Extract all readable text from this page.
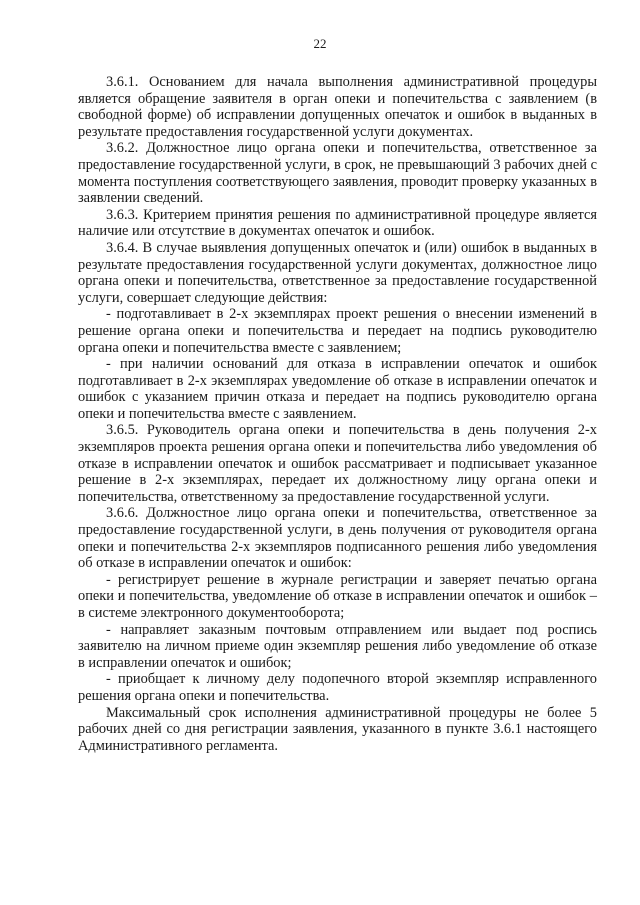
22

3.6.1. Основанием для начала выполнения административной процедуры является обращение заявителя в орган опеки и попечительства с заявлением (в свободной форме) об исправлении допущенных опечаток и ошибок в выданных в результате предоставления государственной услуги документах.

3.6.2. Должностное лицо органа опеки и попечительства, ответственное за предоставление государственной услуги, в срок, не превышающий 3 рабочих дней с момента поступления соответствующего заявления, проводит проверку указанных в заявлении сведений.

3.6.3. Критерием принятия решения по административной процедуре является наличие или отсутствие в документах опечаток и ошибок.

3.6.4. В случае выявления допущенных опечаток и (или) ошибок в выданных в результате предоставления государственной услуги документах, должностное лицо органа опеки и попечительства, ответственное за предоставление государственной услуги, совершает следующие действия:

- подготавливает в 2-х экземплярах проект решения о внесении изменений в решение органа опеки и попечительства и передает на подпись руководителю органа опеки и попечительства вместе с заявлением;

- при наличии оснований для отказа в исправлении опечаток и ошибок подготавливает в 2-х экземплярах уведомление об отказе в исправлении опечаток и ошибок с указанием причин отказа и передает на подпись руководителю органа опеки и попечительства вместе с заявлением.

3.6.5. Руководитель органа опеки и попечительства в день получения 2-х экземпляров проекта решения органа опеки и попечительства либо уведомления об отказе в исправлении опечаток и ошибок рассматривает и подписывает указанное решение в 2-х экземплярах, передает их должностному лицу органа опеки и попечительства, ответственному за предоставление государственной услуги.

3.6.6. Должностное лицо органа опеки и попечительства, ответственное за предоставление государственной услуги, в день получения от руководителя органа опеки и попечительства 2-х экземпляров подписанного решения либо уведомления об отказе в исправлении опечаток и ошибок:

- регистрирует решение в журнале регистрации и заверяет печатью органа опеки и попечительства, уведомление об отказе в исправлении опечаток и ошибок – в системе электронного документооборота;

- направляет заказным почтовым отправлением или выдает под роспись заявителю на личном приеме один экземпляр решения либо уведомление об отказе в исправлении опечаток и ошибок;

- приобщает к личному делу подопечного второй экземпляр исправленного решения органа опеки и попечительства.

Максимальный срок исполнения административной процедуры не более 5 рабочих дней со дня регистрации заявления, указанного в пункте 3.6.1 настоящего Административного регламента.
